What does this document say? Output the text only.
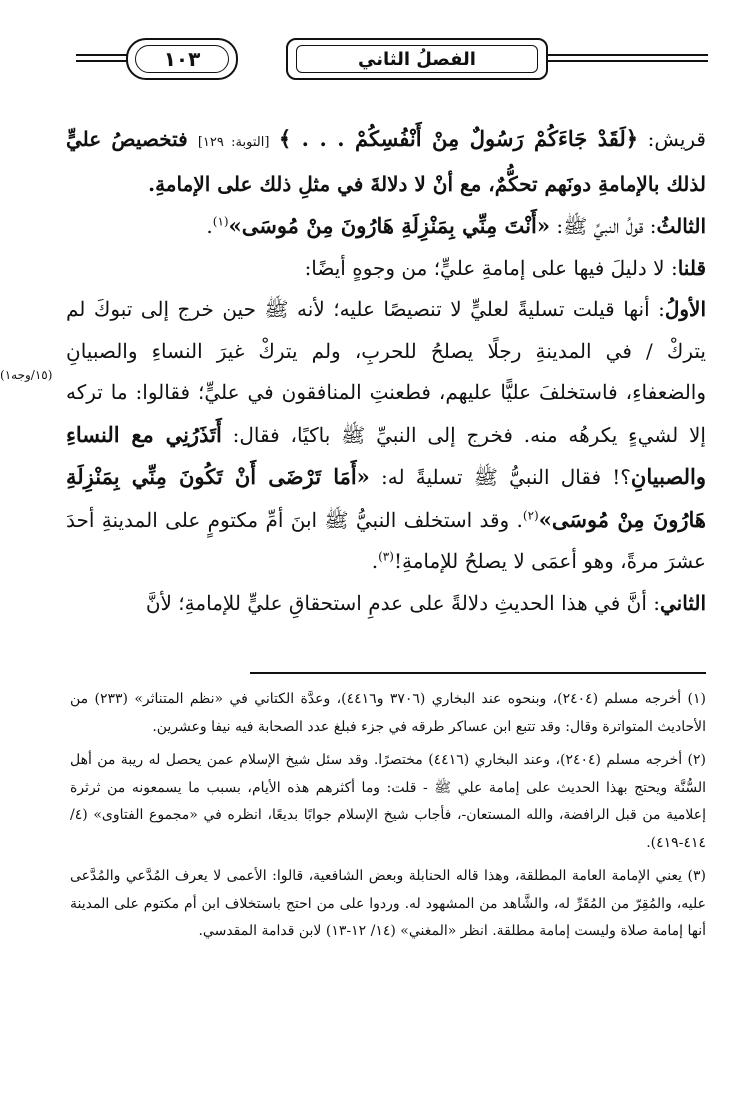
١٠٣	الفصلُ الثاني
(١٥/وجه١)

قريش: ﴿لَقَدْ جَاءَكُمْ رَسُولٌ مِنْ أَنْفُسِكُمْ . . . ﴾ [التوبة: ١٢٩] فتخصيصُ عليٍّ لذلك بالإمامةِ دونَهم تحكُّمٌ، مع أنْ لا دلالةَ في مثلِ ذلك على الإمامةِ.

الثالثُ: قولُ النبيِّ ﷺ: «أَنْتَ مِنِّي بِمَنْزِلَةِ هَارُونَ مِنْ مُوسَى»$^{(١)}$.

قلنا: لا دليلَ فيها على إمامةِ عليٍّ؛ من وجوهٍ أيضًا:

الأولُ: أنها قيلت تسليةً لعليٍّ لا تنصيصًا عليه؛ لأنه ﷺ حين خرج إلى تبوكَ لم يتركْ / في المدينةِ رجلًا يصلحُ للحربِ، ولم يتركْ غيرَ النساءِ والصبيانِ والضعفاءِ، فاستخلفَ عليًّا عليهم، فطعنتِ المنافقون في عليٍّ؛ فقالوا: ما تركه إلا لشيءٍ يكرهُه منه. فخرج إلى النبيِّ ﷺ باكيًا، فقال: أَتَذَرُنِي مع النساءِ والصبيانِ؟! فقال النبيُّ ﷺ تسليةً له: «أَمَا تَرْضَى أَنْ تَكُونَ مِنِّي بِمَنْزِلَةِ هَارُونَ مِنْ مُوسَى»$^{(٢)}$. وقد استخلف النبيُّ ﷺ ابنَ أمِّ مكتومٍ على المدينةِ أحدَ عشرَ مرةً، وهو أعمَى لا يصلحُ للإمامةِ!$^{(٣)}$.

الثاني: أنَّ في هذا الحديثِ دلالةً على عدمِ استحقاقِ عليٍّ للإمامةِ؛ لأنَّ

(١) أخرجه مسلم (٢٤٠٤)، وبنحوه عند البخاري (٣٧٠٦ و٤٤١٦)، وعدَّة الكتاني في «نظم المتناثر» (٢٣٣) من الأحاديث المتواترة وقال: وقد تتبع ابن عساكر طرقه في جزء فبلغ عدد الصحابة فيه نيفا وعشرين.

(٢) أخرجه مسلم (٢٤٠٤)، وعند البخاري (٤٤١٦) مختصرًا. وقد سئل شيخ الإسلام عمن يحصل له ريبة من أهل السُّنَّة ويحتج بهذا الحديث على إمامة علي ﷺ - قلت: وما أكثرهم هذه الأيام، بسبب ما يسمعونه من ثرثرة إعلامية من قبل الرافضة، والله المستعان-، فأجاب شيخ الإسلام جوابًا بديعًا، انظره في «مجموع الفتاوى» (٤/ ٤١٤-٤١٩).

(٣) يعني الإمامة العامة المطلقة، وهذا قاله الحنابلة وبعض الشافعية، قالوا: الأعمى لا يعرف المُدَّعي والمُدَّعى عليه، والمُقِرّ من المُقَرِّ له، والشَّاهد من المشهود له. وردوا على من احتج باستخلاف ابن أم مكتوم على المدينة أنها إمامة صلاة وليست إمامة مطلقة. انظر «المغني» (١٤/ ١٢-١٣) لابن قدامة المقدسي.
